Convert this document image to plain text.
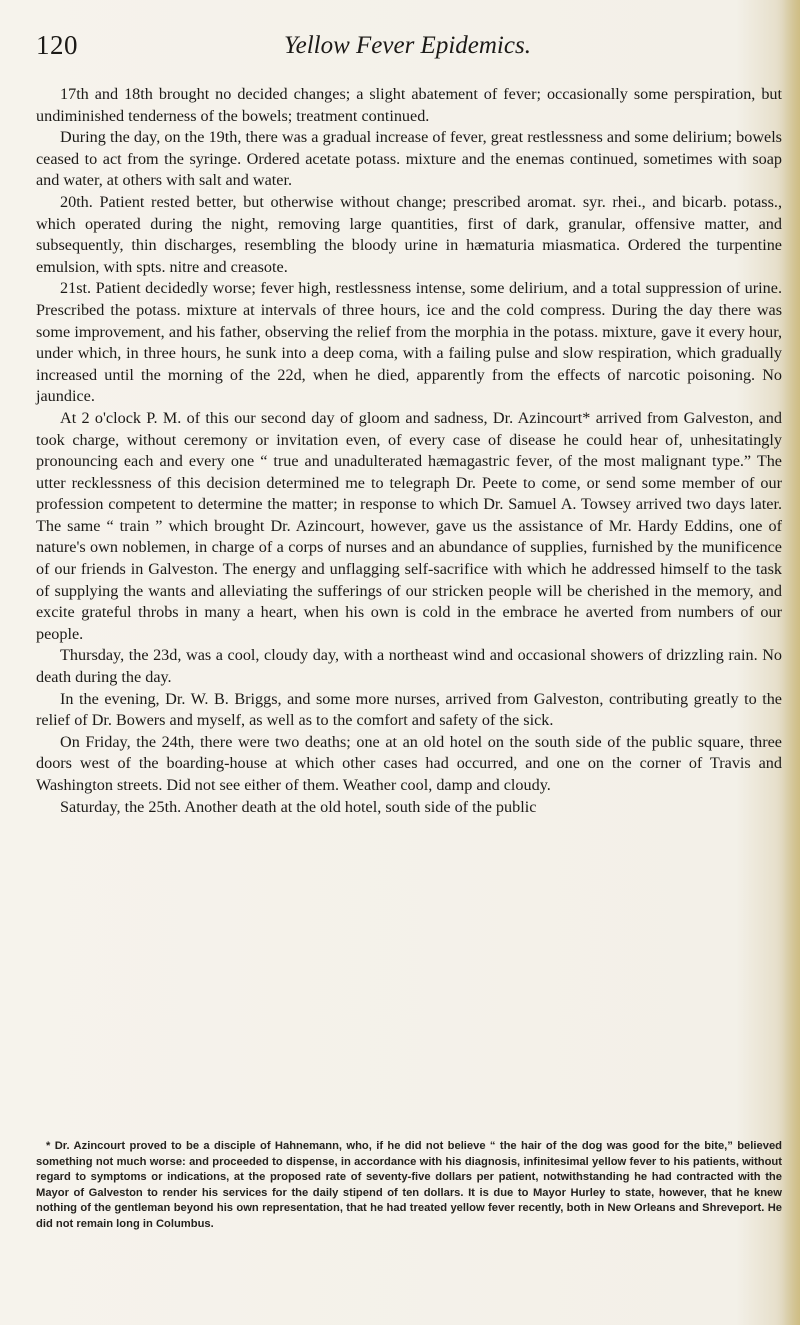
120	Yellow Fever Epidemics.

17th and 18th brought no decided changes; a slight abatement of fever; occasionally some perspiration, but undiminished tenderness of the bowels; treatment continued.

During the day, on the 19th, there was a gradual increase of fever, great restlessness and some delirium; bowels ceased to act from the syringe. Ordered acetate potass. mixture and the enemas continued, sometimes with soap and water, at others with salt and water.

20th. Patient rested better, but otherwise without change; prescribed aromat. syr. rhei., and bicarb. potass., which operated during the night, removing large quantities, first of dark, granular, offensive matter, and subsequently, thin discharges, resembling the bloody urine in hæmaturia miasmatica. Ordered the turpentine emulsion, with spts. nitre and creasote.

21st. Patient decidedly worse; fever high, restlessness intense, some delirium, and a total suppression of urine. Prescribed the potass. mixture at intervals of three hours, ice and the cold compress. During the day there was some improvement, and his father, observing the relief from the morphia in the potass. mixture, gave it every hour, under which, in three hours, he sunk into a deep coma, with a failing pulse and slow respiration, which gradually increased until the morning of the 22d, when he died, apparently from the effects of narcotic poisoning. No jaundice.

At 2 o'clock P. M. of this our second day of gloom and sadness, Dr. Azincourt* arrived from Galveston, and took charge, without ceremony or invitation even, of every case of disease he could hear of, unhesitatingly pronouncing each and every one “ true and unadulterated hæmagastric fever, of the most malignant type.” The utter recklessness of this decision determined me to telegraph Dr. Peete to come, or send some member of our profession competent to determine the matter; in response to which Dr. Samuel A. Towsey arrived two days later. The same “ train ” which brought Dr. Azincourt, however, gave us the assistance of Mr. Hardy Eddins, one of nature's own noblemen, in charge of a corps of nurses and an abundance of supplies, furnished by the munificence of our friends in Galveston. The energy and unflagging self-sacrifice with which he addressed himself to the task of supplying the wants and alleviating the sufferings of our stricken people will be cherished in the memory, and excite grateful throbs in many a heart, when his own is cold in the embrace he averted from numbers of our people.

Thursday, the 23d, was a cool, cloudy day, with a northeast wind and occasional showers of drizzling rain. No death during the day.

In the evening, Dr. W. B. Briggs, and some more nurses, arrived from Galveston, contributing greatly to the relief of Dr. Bowers and myself, as well as to the comfort and safety of the sick.

On Friday, the 24th, there were two deaths; one at an old hotel on the south side of the public square, three doors west of the boarding-house at which other cases had occurred, and one on the corner of Travis and Washington streets. Did not see either of them. Weather cool, damp and cloudy.

Saturday, the 25th. Another death at the old hotel, south side of the public

* Dr. Azincourt proved to be a disciple of Hahnemann, who, if he did not believe “ the hair of the dog was good for the bite,” believed something not much worse: and proceeded to dispense, in accordance with his diagnosis, infinitesimal yellow fever to his patients, without regard to symptoms or indications, at the proposed rate of seventy-five dollars per patient, notwithstanding he had contracted with the Mayor of Galveston to render his services for the daily stipend of ten dollars. It is due to Mayor Hurley to state, however, that he knew nothing of the gentleman beyond his own representation, that he had treated yellow fever recently, both in New Orleans and Shreveport. He did not remain long in Columbus.
